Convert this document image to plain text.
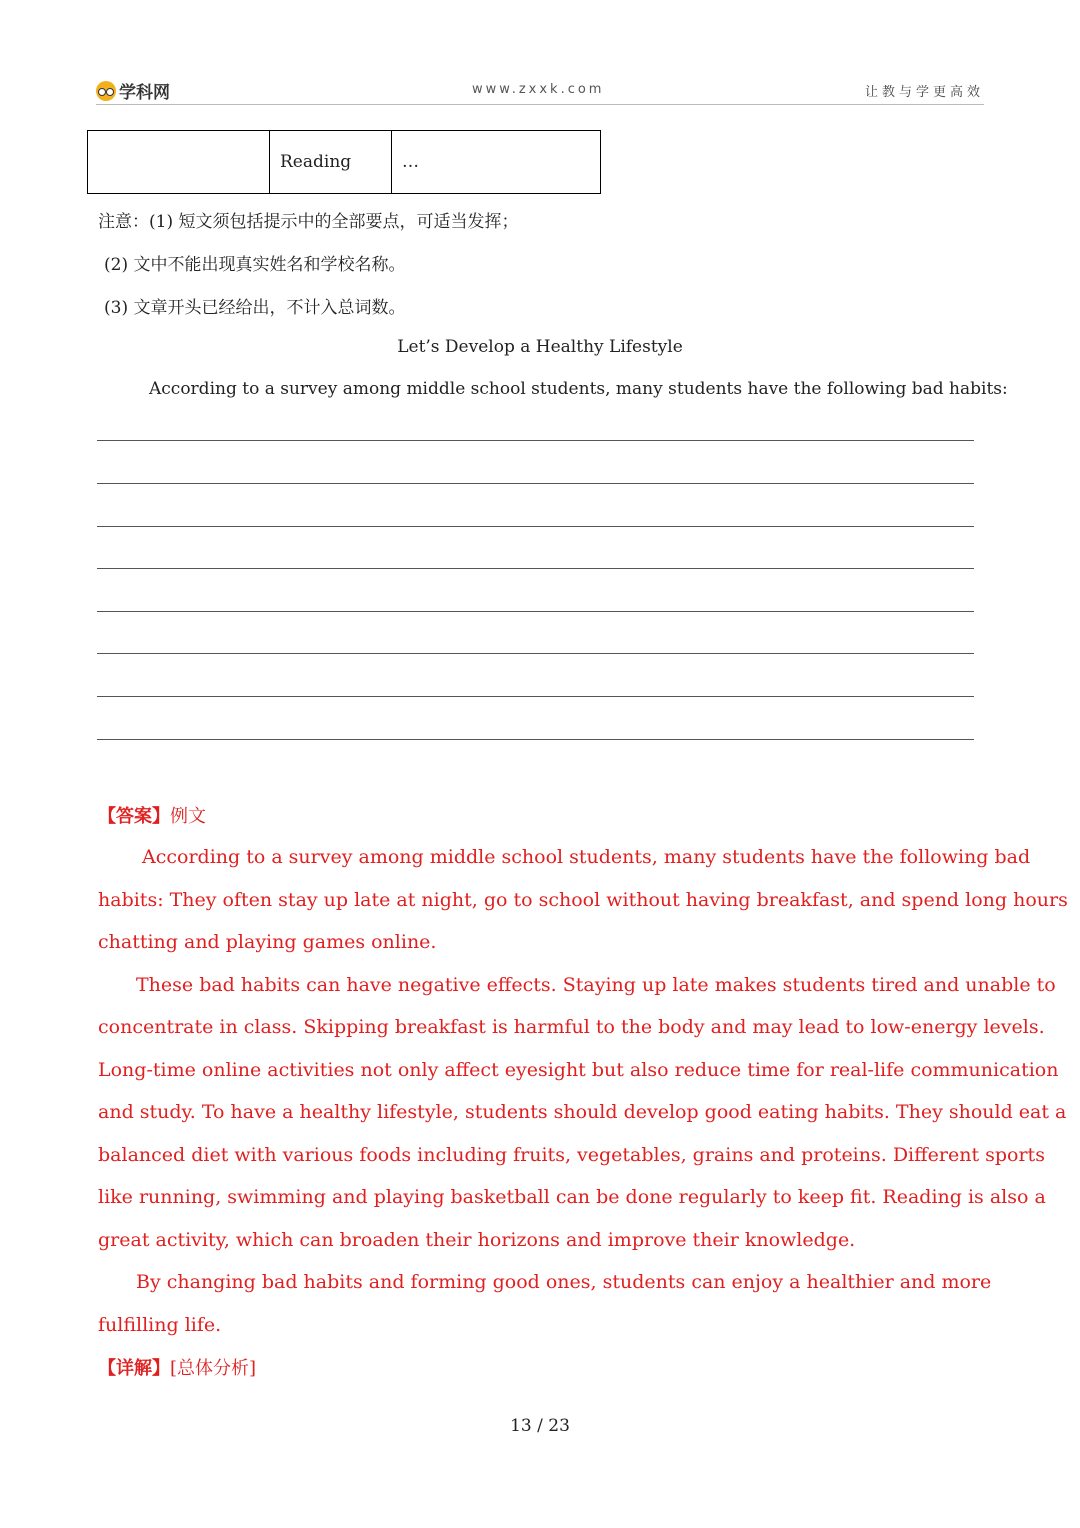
学科网	www.zxxk.com	让教与学更高效
	Reading	…
注意：(1) 短文须包括提示中的全部要点，可适当发挥；
(2) 文中不能出现真实姓名和学校名称。
(3) 文章开头已经给出，不计入总词数。
Let’s Develop a Healthy Lifestyle
According to a survey among middle school students, many students have the following bad habits:
【答案】例文
According to a survey among middle school students, many students have the following bad
habits: They often stay up late at night, go to school without having breakfast, and spend long hours
chatting and playing games online.
These bad habits can have negative effects. Staying up late makes students tired and unable to
concentrate in class. Skipping breakfast is harmful to the body and may lead to low-energy levels.
Long-time online activities not only affect eyesight but also reduce time for real-life communication
and study. To have a healthy lifestyle, students should develop good eating habits. They should eat a
balanced diet with various foods including fruits, vegetables, grains and proteins. Different sports
like running, swimming and playing basketball can be done regularly to keep fit. Reading is also a
great activity, which can broaden their horizons and improve their knowledge.
By changing bad habits and forming good ones, students can enjoy a healthier and more
fulfilling life.
【详解】[总体分析]
13 / 23
